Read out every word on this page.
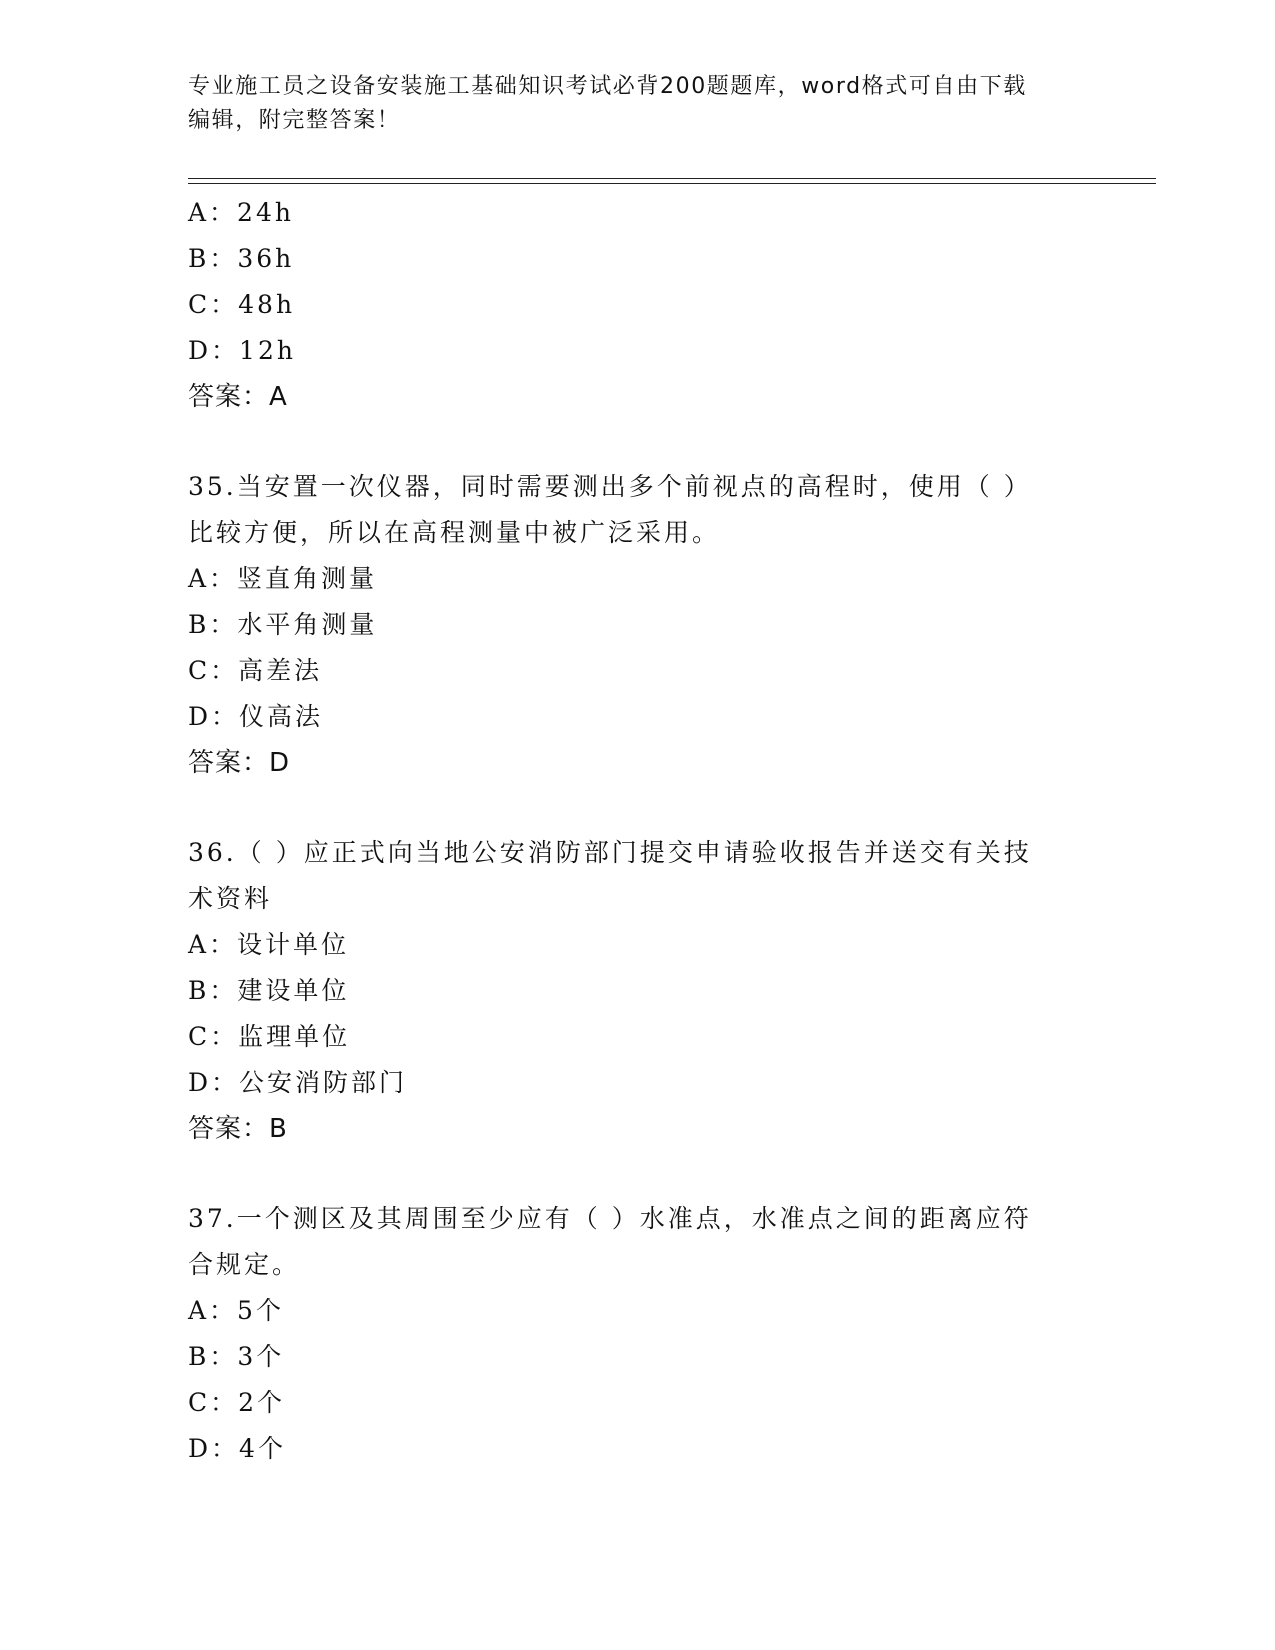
专业施工员之设备安装施工基础知识考试必背200题题库，word格式可自由下载
编辑，附完整答案！
A：24h
B：36h
C：48h
D：12h
答案：A
35.当安置一次仪器，同时需要测出多个前视点的高程时，使用（ ）
比较方便，所以在高程测量中被广泛采用。
A：竖直角测量
B：水平角测量
C：高差法
D：仪高法
答案：D
36.（ ）应正式向当地公安消防部门提交申请验收报告并送交有关技
术资料
A：设计单位
B：建设单位
C：监理单位
D：公安消防部门
答案：B
37.一个测区及其周围至少应有（ ）水准点，水准点之间的距离应符
合规定。
A：5个
B：3个
C：2个
D：4个
